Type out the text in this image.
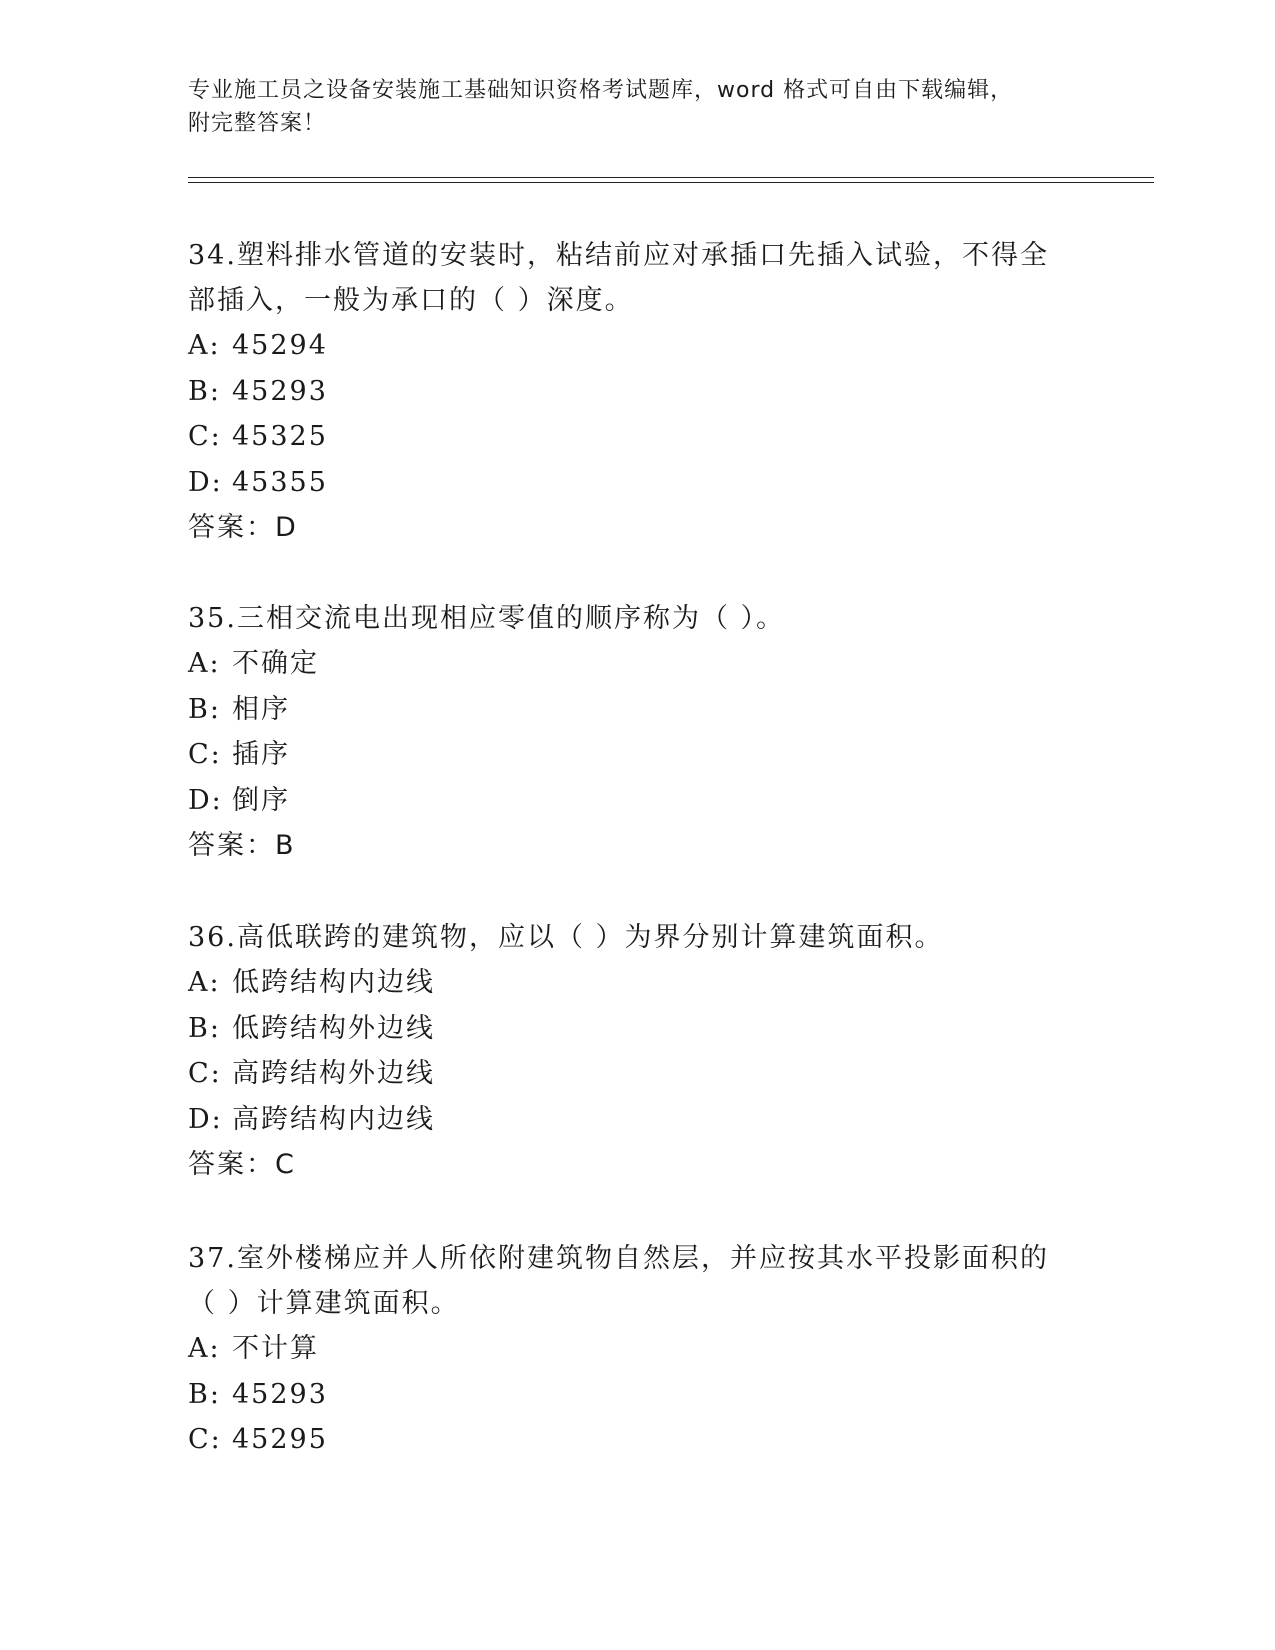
专业施工员之设备安装施工基础知识资格考试题库，word 格式可自由下载编辑，
附完整答案！

34.塑料排水管道的安装时，粘结前应对承插口先插入试验，不得全部插入，一般为承口的（ ）深度。

A: 45294

B: 45293

C: 45325

D: 45355

答案：D

35.三相交流电出现相应零值的顺序称为（ ）。

A: 不确定

B: 相序

C: 插序

D: 倒序

答案：B

36.高低联跨的建筑物，应以（ ）为界分别计算建筑面积。

A: 低跨结构内边线

B: 低跨结构外边线

C: 高跨结构外边线

D: 高跨结构内边线

答案：C

37.室外楼梯应并人所依附建筑物自然层，并应按其水平投影面积的（ ）计算建筑面积。

A: 不计算

B: 45293

C: 45295
